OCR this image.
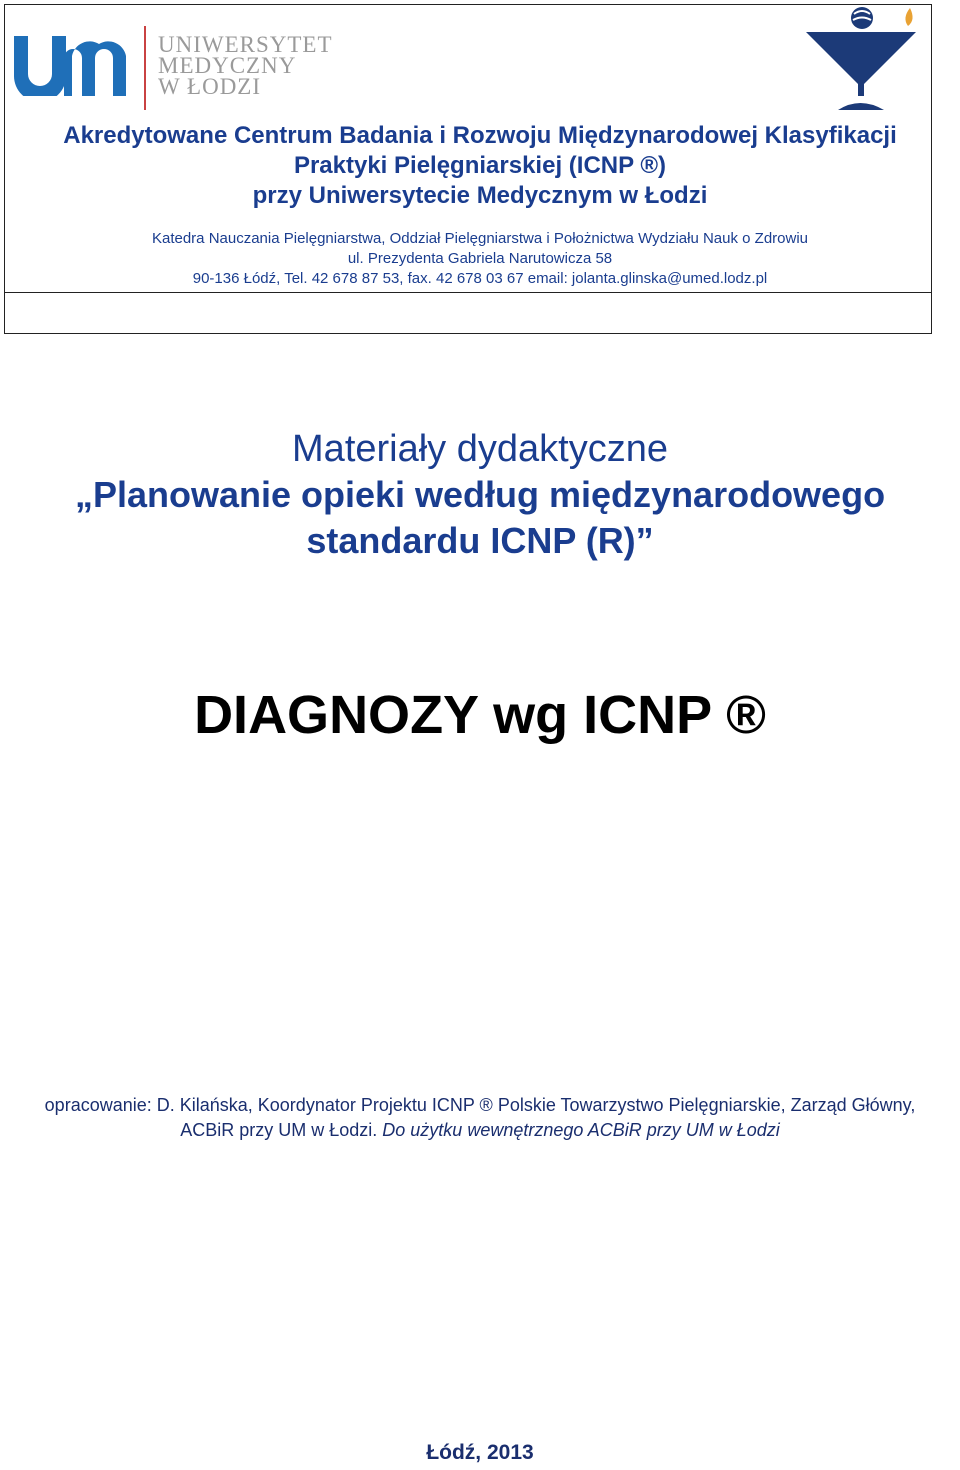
UNIWERSYTET
MEDYCZNY
W ŁODZI
Akredytowane Centrum Badania i Rozwoju Międzynarodowej Klasyfikacji
Praktyki Pielęgniarskiej (ICNP ®)
przy Uniwersytecie Medycznym w Łodzi
Katedra Nauczania Pielęgniarstwa, Oddział Pielęgniarstwa i Położnictwa Wydziału Nauk o Zdrowiu
ul. Prezydenta Gabriela Narutowicza 58
90-136 Łódź, Tel. 42 678 87 53, fax. 42 678 03 67 email: jolanta.glinska@umed.lodz.pl
Materiały dydaktyczne
„Planowanie opieki według międzynarodowego
standardu ICNP (R)”
DIAGNOZY wg ICNP ®
opracowanie: D. Kilańska, Koordynator Projektu ICNP ® Polskie Towarzystwo Pielęgniarskie, Zarząd Główny,
ACBiR przy UM w Łodzi. Do użytku wewnętrznego ACBiR przy UM w Łodzi
Łódź, 2013
